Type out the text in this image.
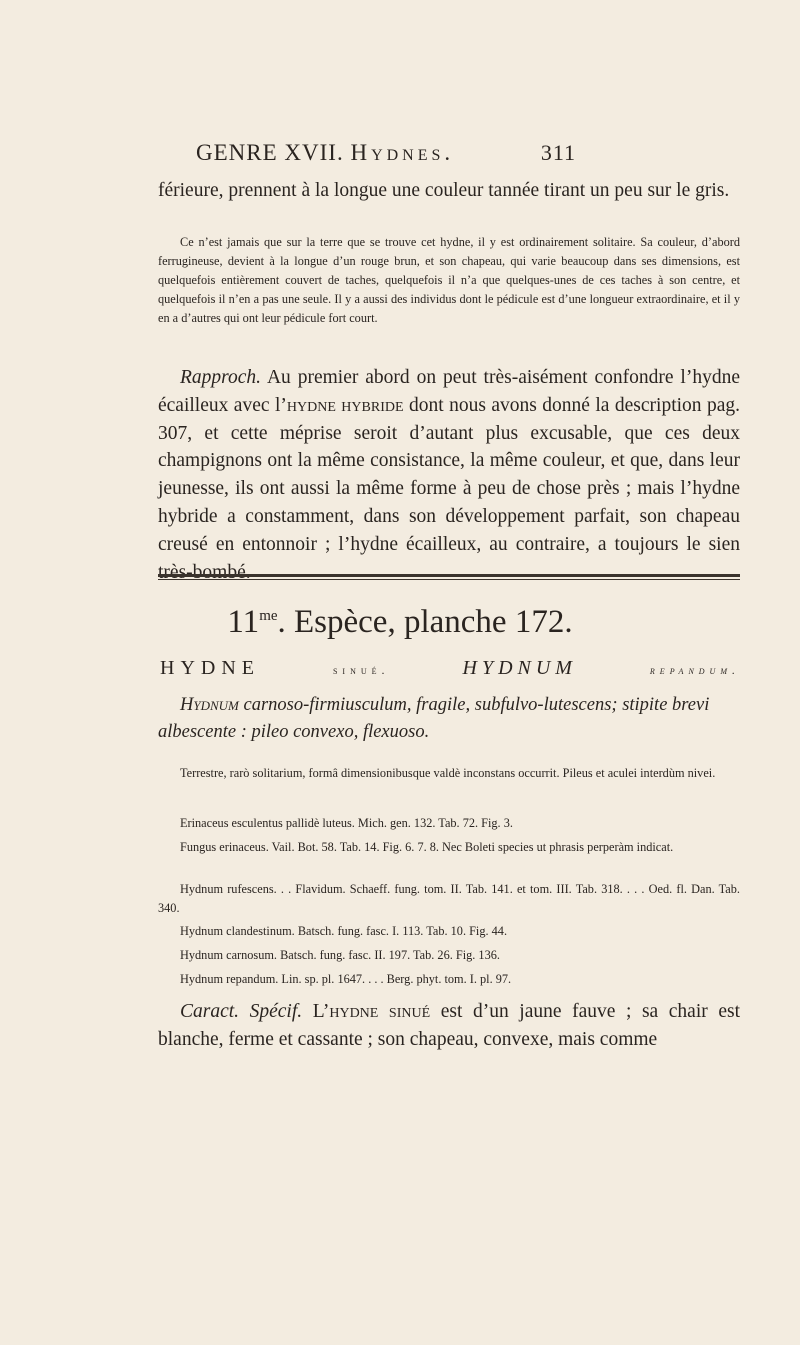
GENRE XVII. Hydnes.	311

férieure, prennent à la longue une couleur tannée tirant un peu sur le gris.

Ce n’est jamais que sur la terre que se trouve cet hydne, il y est ordinairement solitaire. Sa couleur, d’abord ferrugineuse, devient à la longue d’un rouge brun, et son chapeau, qui varie beaucoup dans ses dimensions, est quelquefois entièrement couvert de taches, quelquefois il n’a que quelques-unes de ces taches à son centre, et quelquefois il n’en a pas une seule. Il y a aussi des individus dont le pédicule est d’une longueur extraordinaire, et il y en a d’autres qui ont leur pédicule fort court.

Rapproch. Au premier abord on peut très-aisément confondre l’hydne écailleux avec l’hydne hybride dont nous avons donné la description pag. 307, et cette méprise seroit d’autant plus excusable, que ces deux champignons ont la même consistance, la même couleur, et que, dans leur jeunesse, ils ont aussi la même forme à peu de chose près ; mais l’hydne hybride a constamment, dans son développement parfait, son chapeau creusé en entonnoir ; l’hydne écailleux, au contraire, a toujours le sien très-bombé.

$11^{me}$. Espèce, planche 172.
HYDNE	sinué.	HYDNUM	repandum.

Hydnum carnoso-firmiusculum, fragile, subfulvo-lutescens; stipite brevi albescente : pileo convexo, flexuoso.

Terrestre, rarò solitarium, formâ dimensionibusque valdè inconstans occurrit. Pileus et aculei interdùm nivei.

Erinaceus esculentus pallidè luteus. Mich. gen. 132. Tab. 72. Fig. 3.

Fungus erinaceus. Vail. Bot. 58. Tab. 14. Fig. 6. 7. 8. Nec Boleti species ut phrasis perperàm indicat.

Hydnum rufescens. . . Flavidum. Schaeff. fung. tom. II. Tab. 141. et tom. III. Tab. 318. . . . Oed. fl. Dan. Tab. 340.

Hydnum clandestinum. Batsch. fung. fasc. I. 113. Tab. 10. Fig. 44.

Hydnum carnosum. Batsch. fung. fasc. II. 197. Tab. 26. Fig. 136.

Hydnum repandum. Lin. sp. pl. 1647. . . . Berg. phyt. tom. I. pl. 97.

Caract. Spécif. L’hydne sinué est d’un jaune fauve ; sa chair est blanche, ferme et cassante ; son chapeau, convexe, mais comme
